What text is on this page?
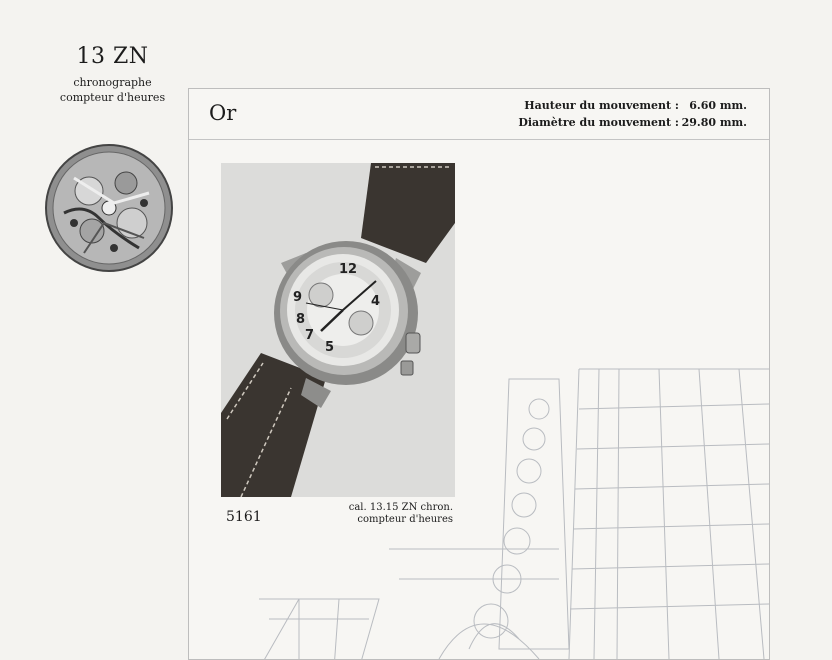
13 ZN
chronographe
compteur d'heures
Or	Hauteur du mouvement : 6.60 mm.
Diamètre du mouvement : 29.80 mm.
12
4
5
7
8
9
5161
cal. 13.15 ZN chron.
compteur d'heures
